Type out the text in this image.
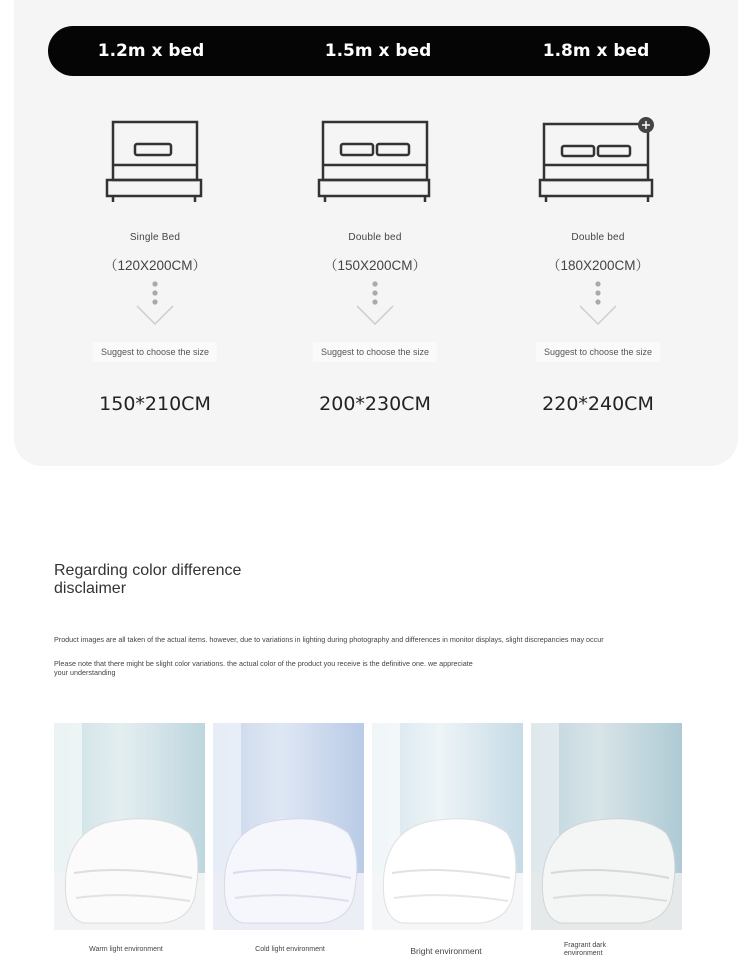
1.2m x bed	1.5m x bed	1.8m x bed
Single Bed
（120X200CM）
Suggest to choose the size
150*210CM
Double bed
（150X200CM）
Suggest to choose the size
200*230CM
Double bed
（180X200CM）
Suggest to choose the size
220*240CM
Regarding color difference disclaimer
Product images are all taken of the actual items. however, due to variations in lighting during photography and differences in monitor displays, slight discrepancies may occur
Please note that there might be slight color variations. the actual color of the product you receive is the definitive one. we appreciate your understanding
Warm light environment	Cold light environment	Bright environment
Fragrant dark environment
